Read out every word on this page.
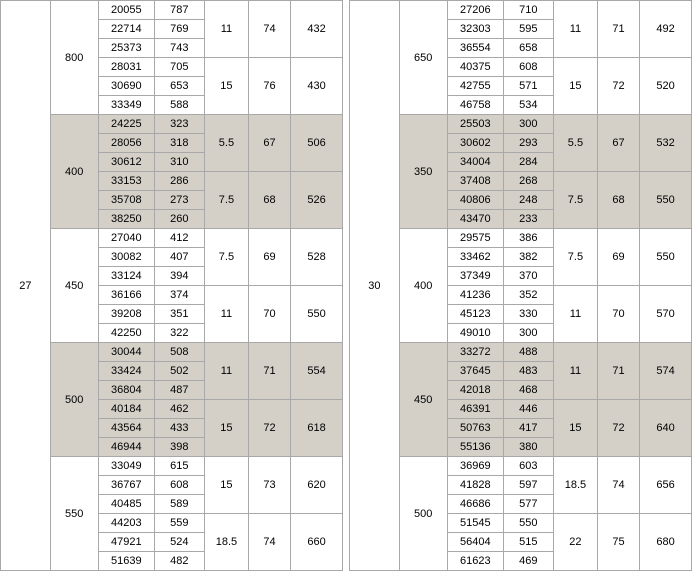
27	800	20055	787	11	74	432
		22714	769			
		25373	743			
		28031	705	15	76	430
		30690	653			
		33349	588			
	400	24225	323	5.5	67	506
		28056	318			
		30612	310			
		33153	286	7.5	68	526
		35708	273			
		38250	260			
	450	27040	412	7.5	69	528
		30082	407			
		33124	394			
		36166	374	11	70	550
		39208	351			
		42250	322			
	500	30044	508	11	71	554
		33424	502			
		36804	487			
		40184	462	15	72	618
		43564	433			
		46944	398			
	550	33049	615	15	73	620
		36767	608			
		40485	589			
		44203	559	18.5	74	660
		47921	524			
		51639	482			
30	650	27206	710	11	71	492
		32303	595			
		36554	658			
		40375	608	15	72	520
		42755	571			
		46758	534			
	350	25503	300	5.5	67	532
		30602	293			
		34004	284			
		37408	268	7.5	68	550
		40806	248			
		43470	233			
	400	29575	386	7.5	69	550
		33462	382			
		37349	370			
		41236	352	11	70	570
		45123	330			
		49010	300			
	450	33272	488	11	71	574
		37645	483			
		42018	468			
		46391	446	15	72	640
		50763	417			
		55136	380			
	500	36969	603	18.5	74	656
		41828	597			
		46686	577			
		51545	550	22	75	680
		56404	515			
		61623	469			
